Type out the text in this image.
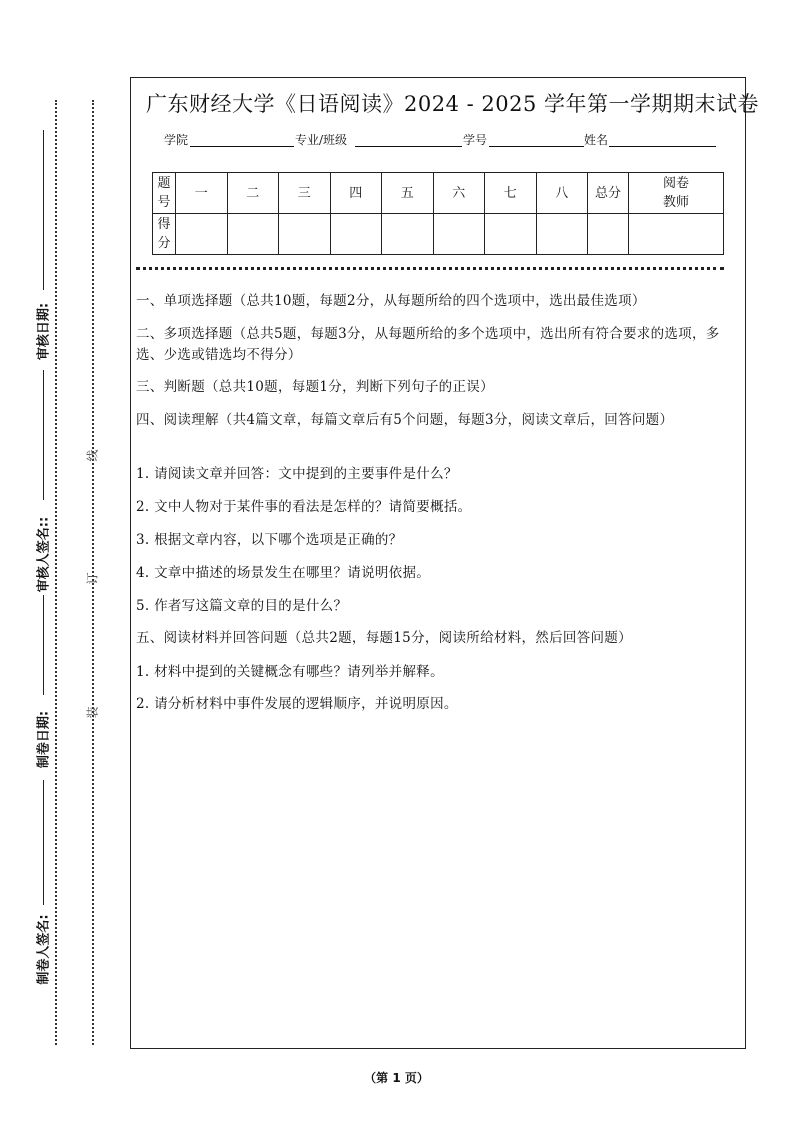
审核日期:
审核人签名::
制卷日期:
制卷人签名:
线
订
装
广东财经大学《日语阅读》2024 - 2025 学年第一学期期末试卷
学院	专业/班级	学号	姓名
题号	一	二	三	四	五	六	七	八	总分	阅卷教师
得分										
一、单项选择题（总共10题，每题2分，从每题所给的四个选项中，选出最佳选项）
二、多项选择题（总共5题，每题3分，从每题所给的多个选项中，选出所有符合要求的选项，多选、少选或错选均不得分）
三、判断题（总共10题，每题1分，判断下列句子的正误）
四、阅读理解（共4篇文章，每篇文章后有5个问题，每题3分，阅读文章后，回答问题）
1. 请阅读文章并回答：文中提到的主要事件是什么？
2. 文中人物对于某件事的看法是怎样的？请简要概括。
3. 根据文章内容，以下哪个选项是正确的？
4. 文章中描述的场景发生在哪里？请说明依据。
5. 作者写这篇文章的目的是什么？
五、阅读材料并回答问题（总共2题，每题15分，阅读所给材料，然后回答问题）
1. 材料中提到的关键概念有哪些？请列举并解释。
2. 请分析材料中事件发展的逻辑顺序，并说明原因。
（第 1 页）
